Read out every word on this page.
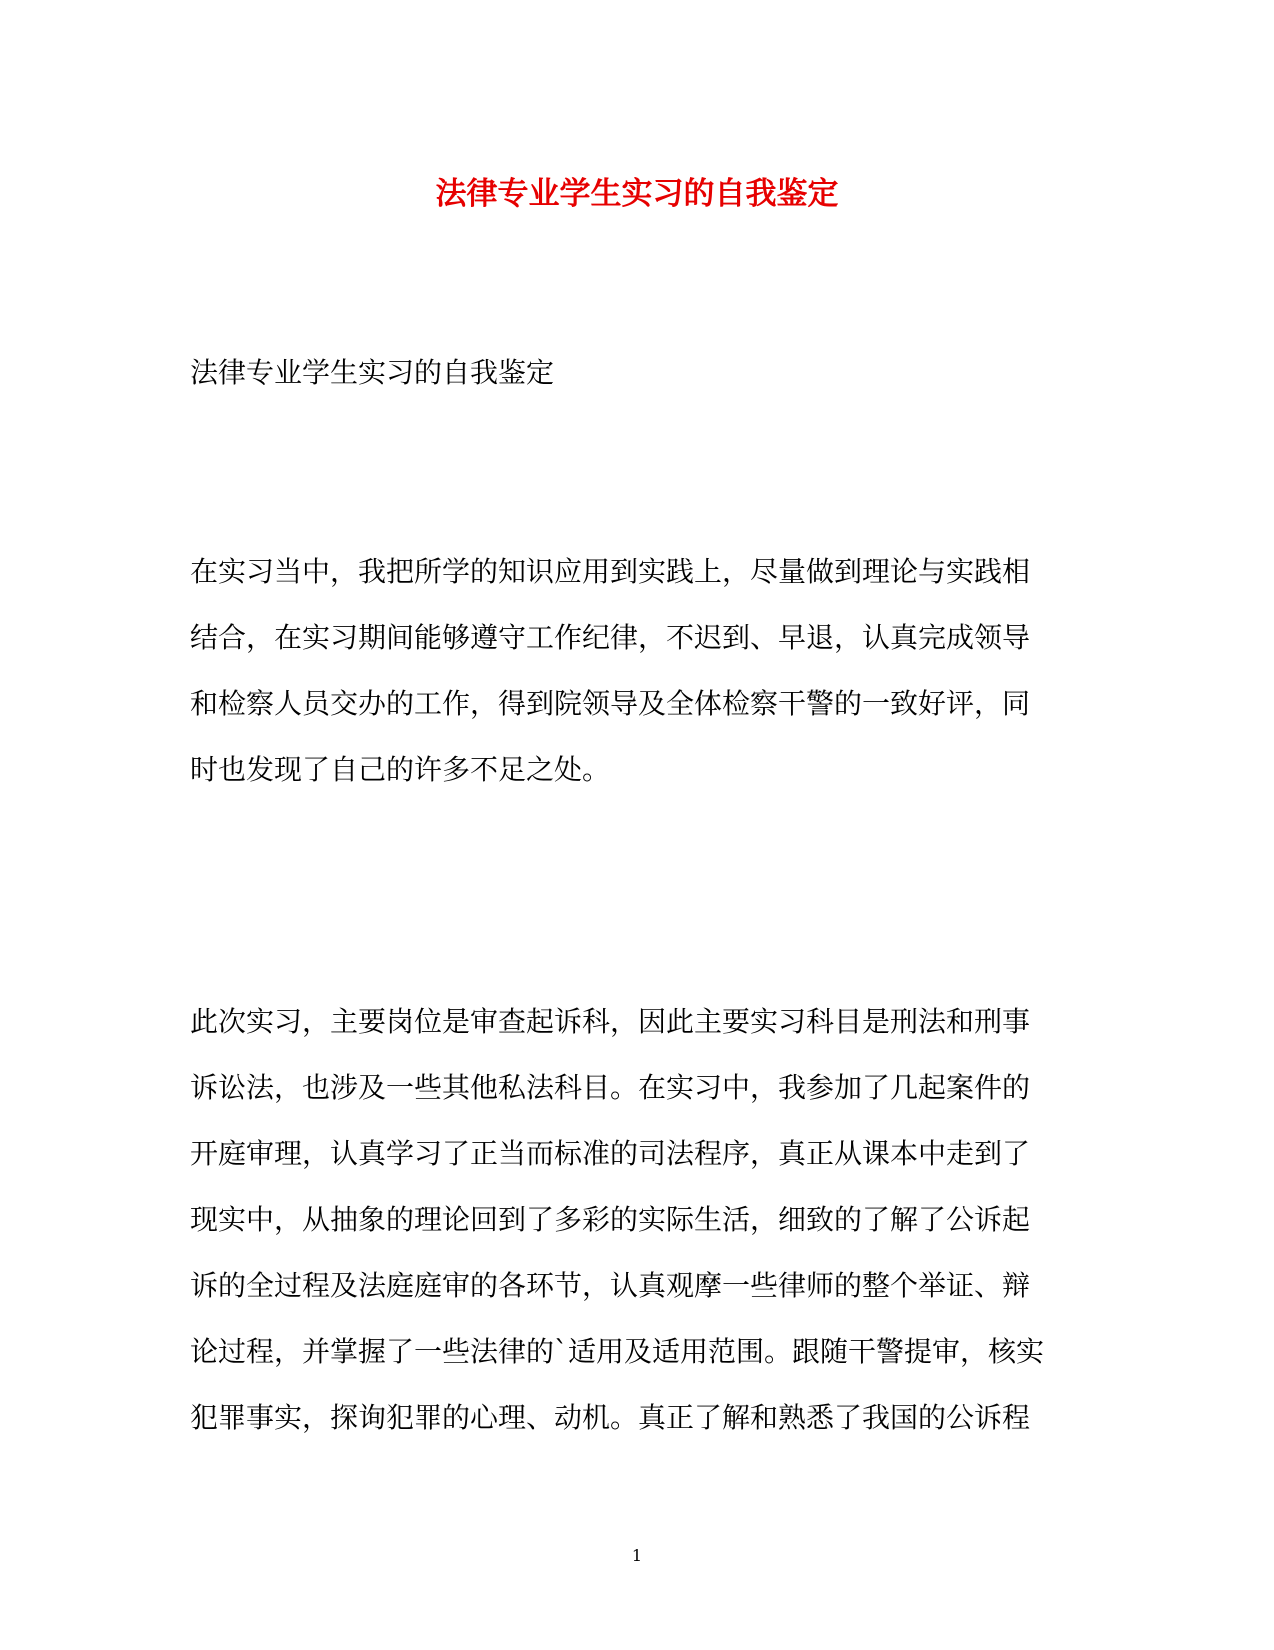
法律专业学生实习的自我鉴定
法律专业学生实习的自我鉴定
在实习当中，我把所学的知识应用到实践上，尽量做到理论与实践相
结合，在实习期间能够遵守工作纪律，不迟到、早退，认真完成领导
和检察人员交办的工作，得到院领导及全体检察干警的一致好评，同
时也发现了自己的许多不足之处。
此次实习，主要岗位是审查起诉科，因此主要实习科目是刑法和刑事
诉讼法，也涉及一些其他私法科目。在实习中，我参加了几起案件的
开庭审理，认真学习了正当而标准的司法程序，真正从课本中走到了
现实中，从抽象的理论回到了多彩的实际生活，细致的了解了公诉起
诉的全过程及法庭庭审的各环节，认真观摩一些律师的整个举证、辩
论过程，并掌握了一些法律的`适用及适用范围。跟随干警提审，核实
犯罪事实，探询犯罪的心理、动机。真正了解和熟悉了我国的公诉程
1
